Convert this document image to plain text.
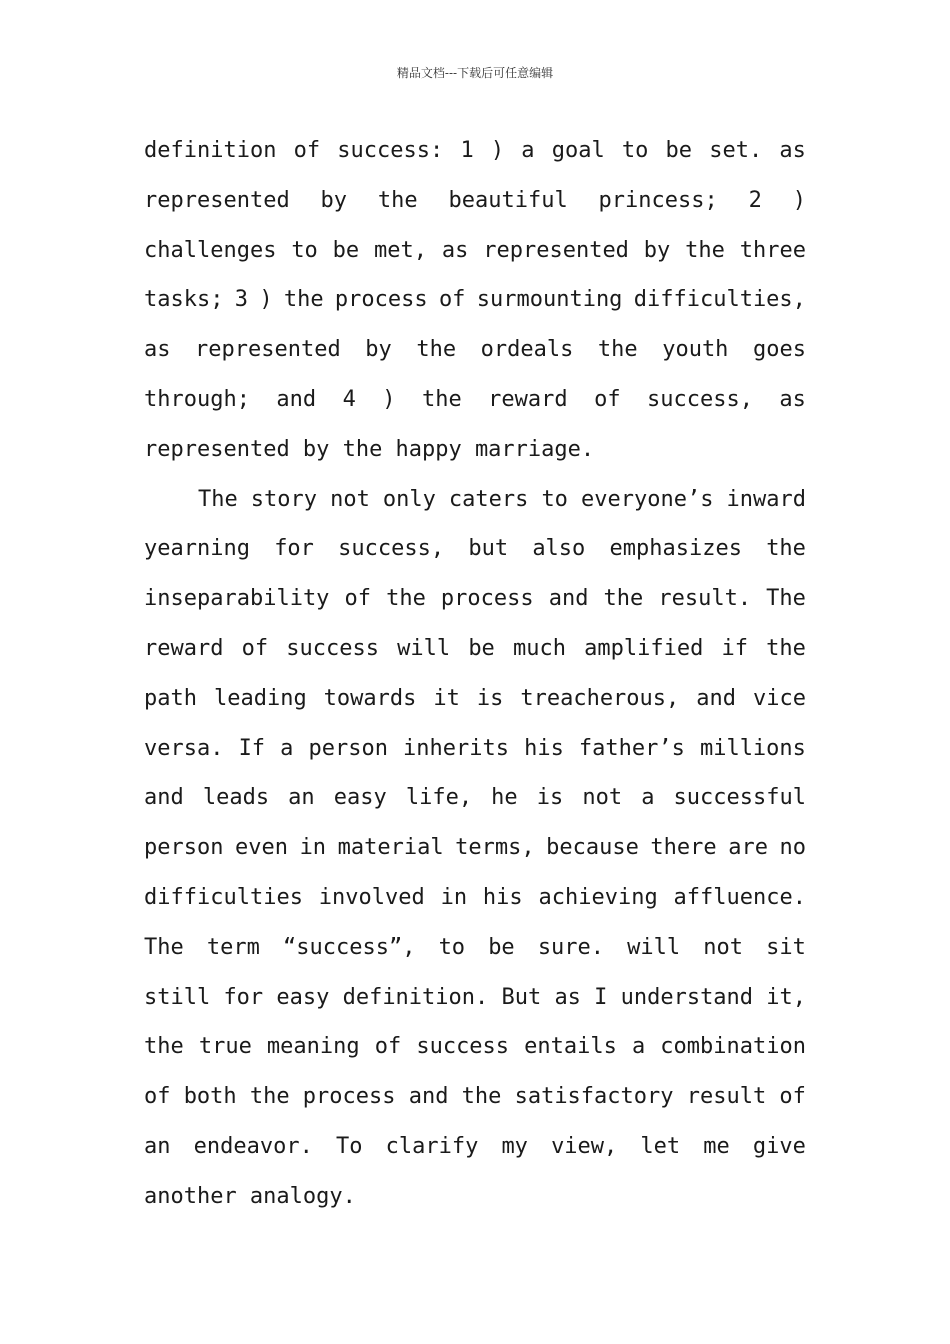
精品文档---下载后可任意编辑
definition of success: 1 ) a goal to be set. as
represented by the beautiful princess; 2 )
challenges to be met, as represented by the three
tasks; 3 ) the process of surmounting difficulties,
as represented by the ordeals the youth goes
through; and 4 ) the reward of success, as
represented by the happy marriage.
The story not only caters to everyone’s inward
yearning for success, but also emphasizes the
inseparability of the process and the result. The
reward of success will be much amplified if the
path leading towards it is treacherous, and vice
versa. If a person inherits his father’s millions
and leads an easy life, he is not a successful
person even in material terms, because there are no
difficulties involved in his achieving affluence.
The term “success”, to be sure. will not sit
still for easy definition. But as I understand it,
the true meaning of success entails a combination
of both the process and the satisfactory result of
an endeavor. To clarify my view, let me give
another analogy.
